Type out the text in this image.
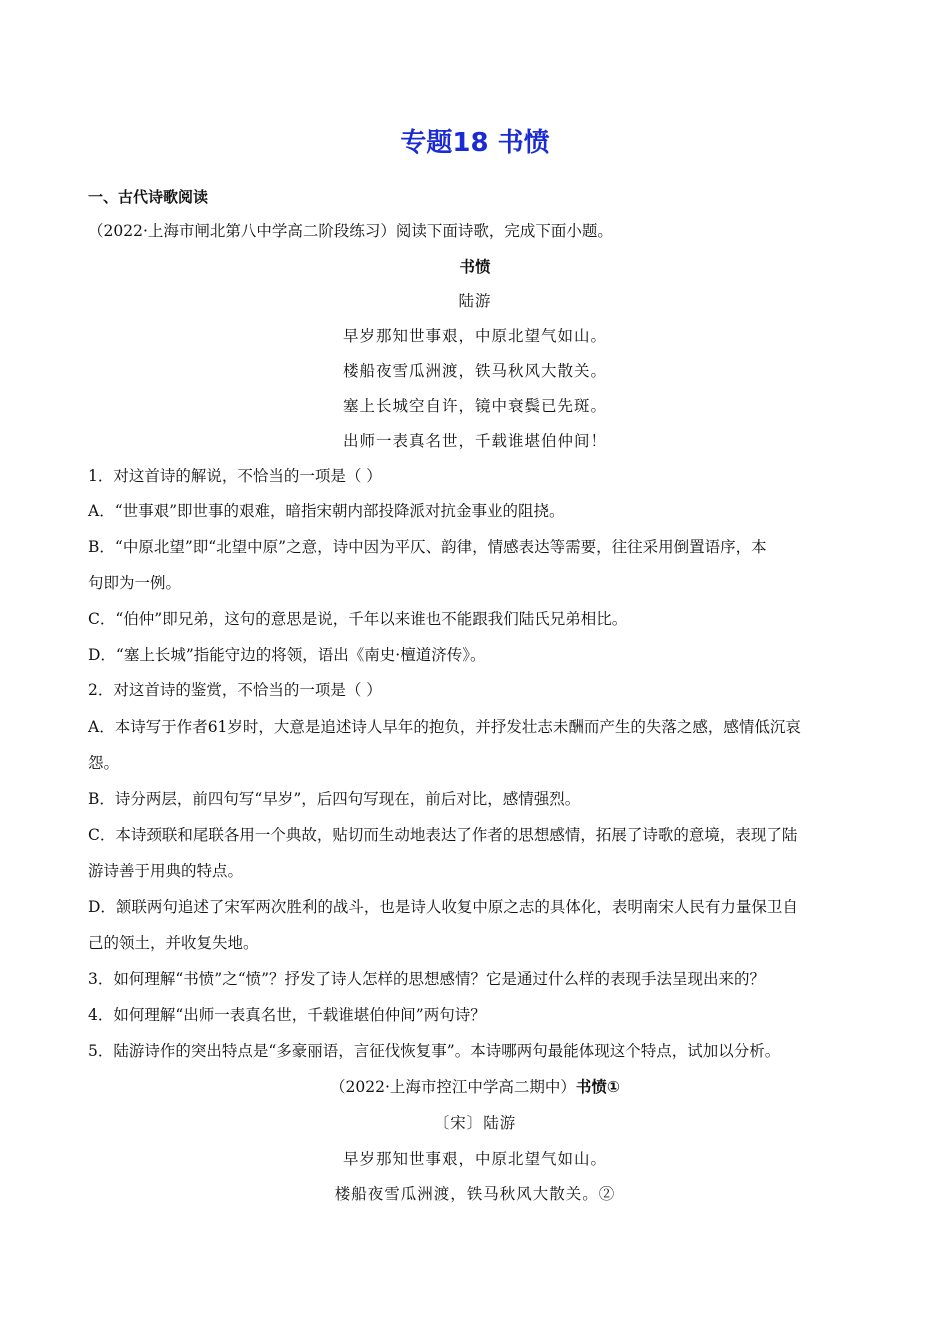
专题18 书愤
一、古代诗歌阅读
（2022·上海市闸北第八中学高二阶段练习）阅读下面诗歌，完成下面小题。
书愤
陆游
早岁那知世事艰，中原北望气如山。
楼船夜雪瓜洲渡，铁马秋风大散关。
塞上长城空自许，镜中衰鬓已先斑。
出师一表真名世，千载谁堪伯仲间！
1．对这首诗的解说，不恰当的一项是（ ）
A．“世事艰”即世事的艰难，暗指宋朝内部投降派对抗金事业的阻挠。
B．“中原北望”即“北望中原”之意，诗中因为平仄、韵律，情感表达等需要，往往采用倒置语序，本
句即为一例。
C．“伯仲”即兄弟，这句的意思是说，千年以来谁也不能跟我们陆氏兄弟相比。
D．“塞上长城”指能守边的将领，语出《南史·檀道济传》。
2．对这首诗的鉴赏，不恰当的一项是（ ）
A．本诗写于作者61岁时，大意是追述诗人早年的抱负，并抒发壮志未酬而产生的失落之感，感情低沉哀
怨。
B．诗分两层，前四句写“早岁”，后四句写现在，前后对比，感情强烈。
C．本诗颈联和尾联各用一个典故，贴切而生动地表达了作者的思想感情，拓展了诗歌的意境，表现了陆
游诗善于用典的特点。
D．颔联两句追述了宋军两次胜利的战斗，也是诗人收复中原之志的具体化，表明南宋人民有力量保卫自
己的领土，并收复失地。
3．如何理解“书愤”之“愤”？抒发了诗人怎样的思想感情？它是通过什么样的表现手法呈现出来的？
4．如何理解“出师一表真名世，千载谁堪伯仲间”两句诗？
5．陆游诗作的突出特点是“多豪丽语，言征伐恢复事”。本诗哪两句最能体现这个特点，试加以分析。
（2022·上海市控江中学高二期中）书愤①
〔宋〕陆游
早岁那知世事艰，中原北望气如山。
楼船夜雪瓜洲渡，铁马秋风大散关。②
